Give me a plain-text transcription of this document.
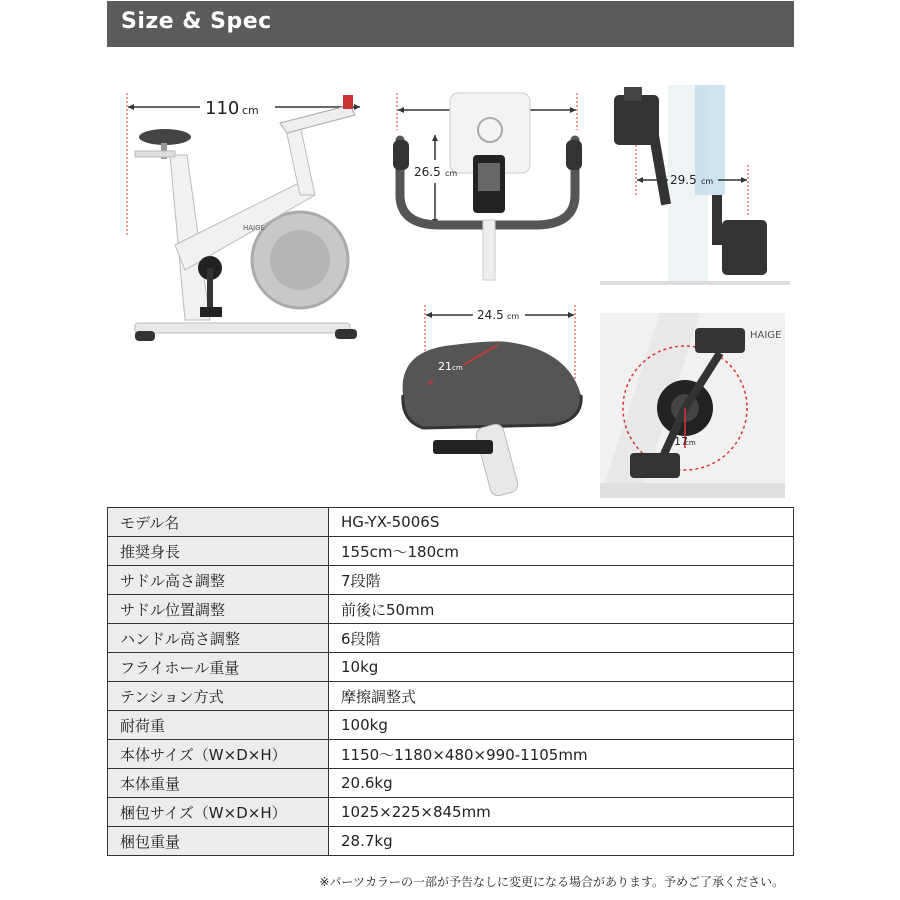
Size & Spec
110 cm
HAIGE
26.5 cm	29.5 cm
24.5 cm
21 cm
17
cm
HAIGE
モデル名	HG-YX-5006S
推奨身長	155cm～180cm
サドル高さ調整	7段階
サドル位置調整	前後に50mm
ハンドル高さ調整	6段階
フライホール重量	10kg
テンション方式	摩擦調整式
耐荷重	100kg
本体サイズ（W×D×H）	1150～1180×480×990-1105mm
本体重量	20.6kg
梱包サイズ（W×D×H）	1025×225×845mm
梱包重量	28.7kg
※パーツカラーの一部が予告なしに変更になる場合があります。予めご了承ください。
